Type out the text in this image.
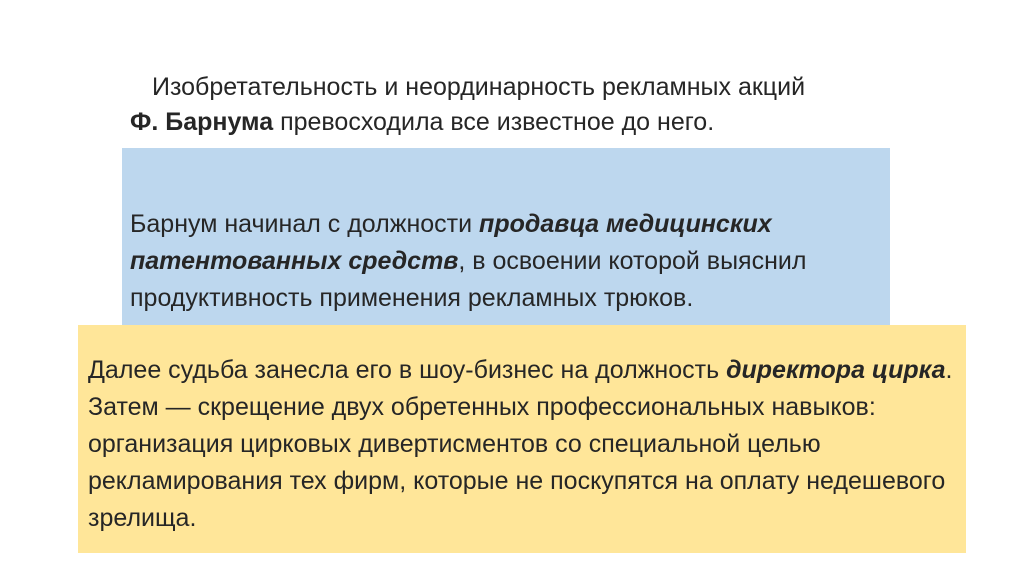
Изобретательность и неординарность рекламных акций

Ф. Барнума превосходила все известное до него.

Барнум начинал с должности продавца медицинских патентованных средств, в освоении которой выяснил продуктивность применения рекламных трюков.

Далее судьба занесла его в шоу-бизнес на должность директора цирка. Затем — скрещение двух обретенных профессиональных навыков: организация цирковых дивертисментов со специальной целью рекламирования тех фирм, которые не поскупятся на оплату недешевого зрелища.
